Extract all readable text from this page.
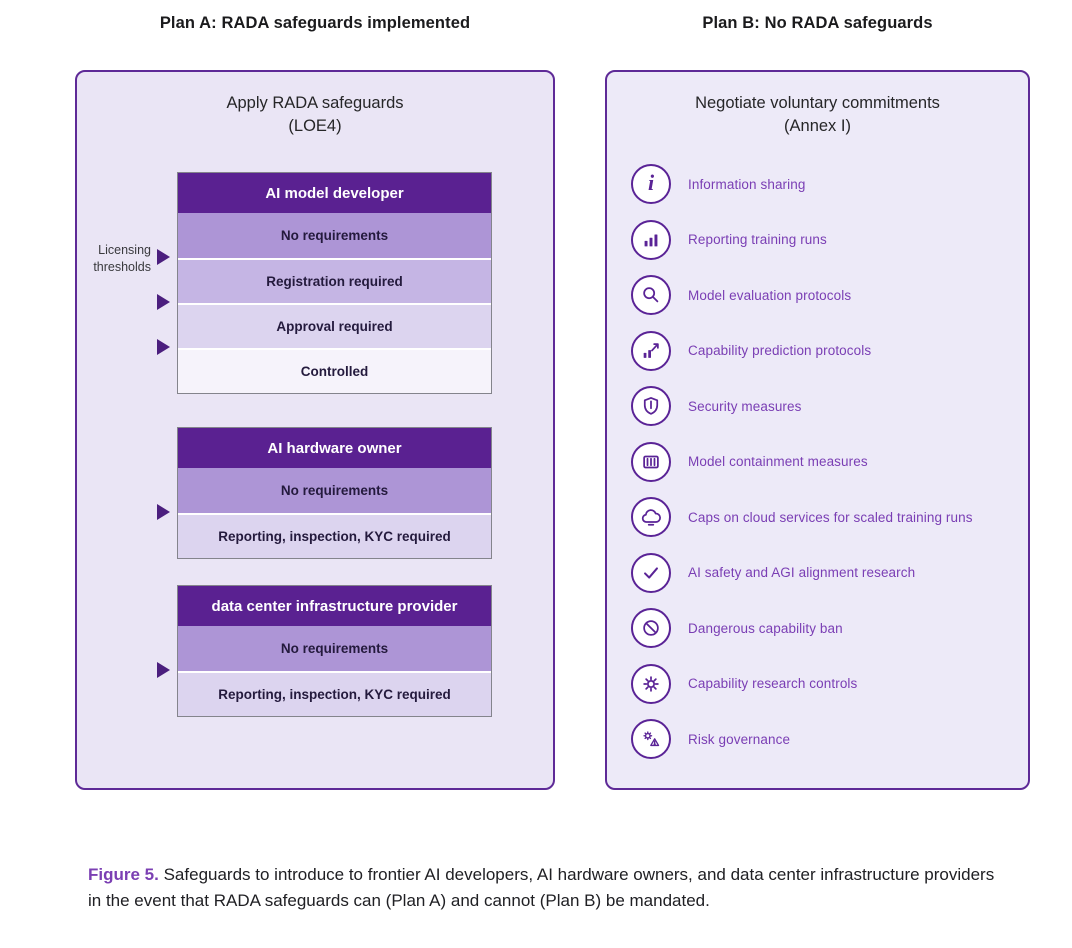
Plan A: RADA safeguards implemented	Plan B: No RADA safeguards
Apply RADA safeguards
(LOE4)
Licensing
thresholds
AI model developer
No requirements
Registration required
Approval required
Controlled
AI hardware owner
No requirements
Reporting, inspection, KYC required
data center infrastructure provider
No requirements
Reporting, inspection, KYC required
Negotiate voluntary commitments
(Annex I)
i	Information sharing
Reporting training runs
Model evaluation protocols
Capability prediction protocols
Security measures
Model containment measures
Caps on cloud services for scaled training runs
AI safety and AGI alignment research
Dangerous capability ban
Capability research controls
Risk governance

Figure 5. Safeguards to introduce to frontier AI developers, AI hardware owners, and data center infrastructure providers in the event that RADA safeguards can (Plan A) and cannot (Plan B) be mandated.
